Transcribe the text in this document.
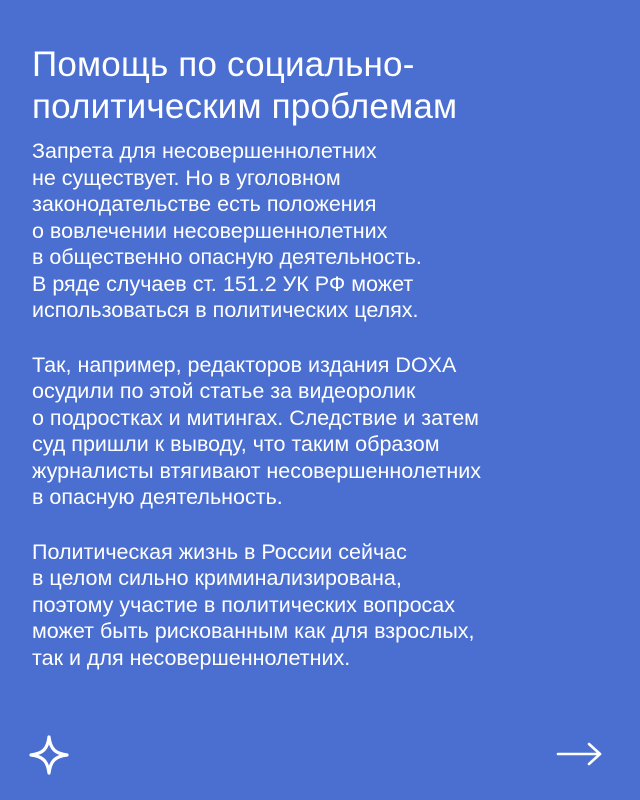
Помощь по социально-
политическим проблемам

Запрета для несовершеннолетних
не существует. Но в уголовном
законодательстве есть положения
о вовлечении несовершеннолетних
в общественно опасную деятельность.
В ряде случаев ст. 151.2 УК РФ может
использоваться в политических целях.

Так, например, редакторов издания DOXA
осудили по этой статье за видеоролик
о подростках и митингах. Следствие и затем
суд пришли к выводу, что таким образом
журналисты втягивают несовершеннолетних
в опасную деятельность.

Политическая жизнь в России сейчас
в целом сильно криминализирована,
поэтому участие в политических вопросах
может быть рискованным как для взрослых,
так и для несовершеннолетних.
